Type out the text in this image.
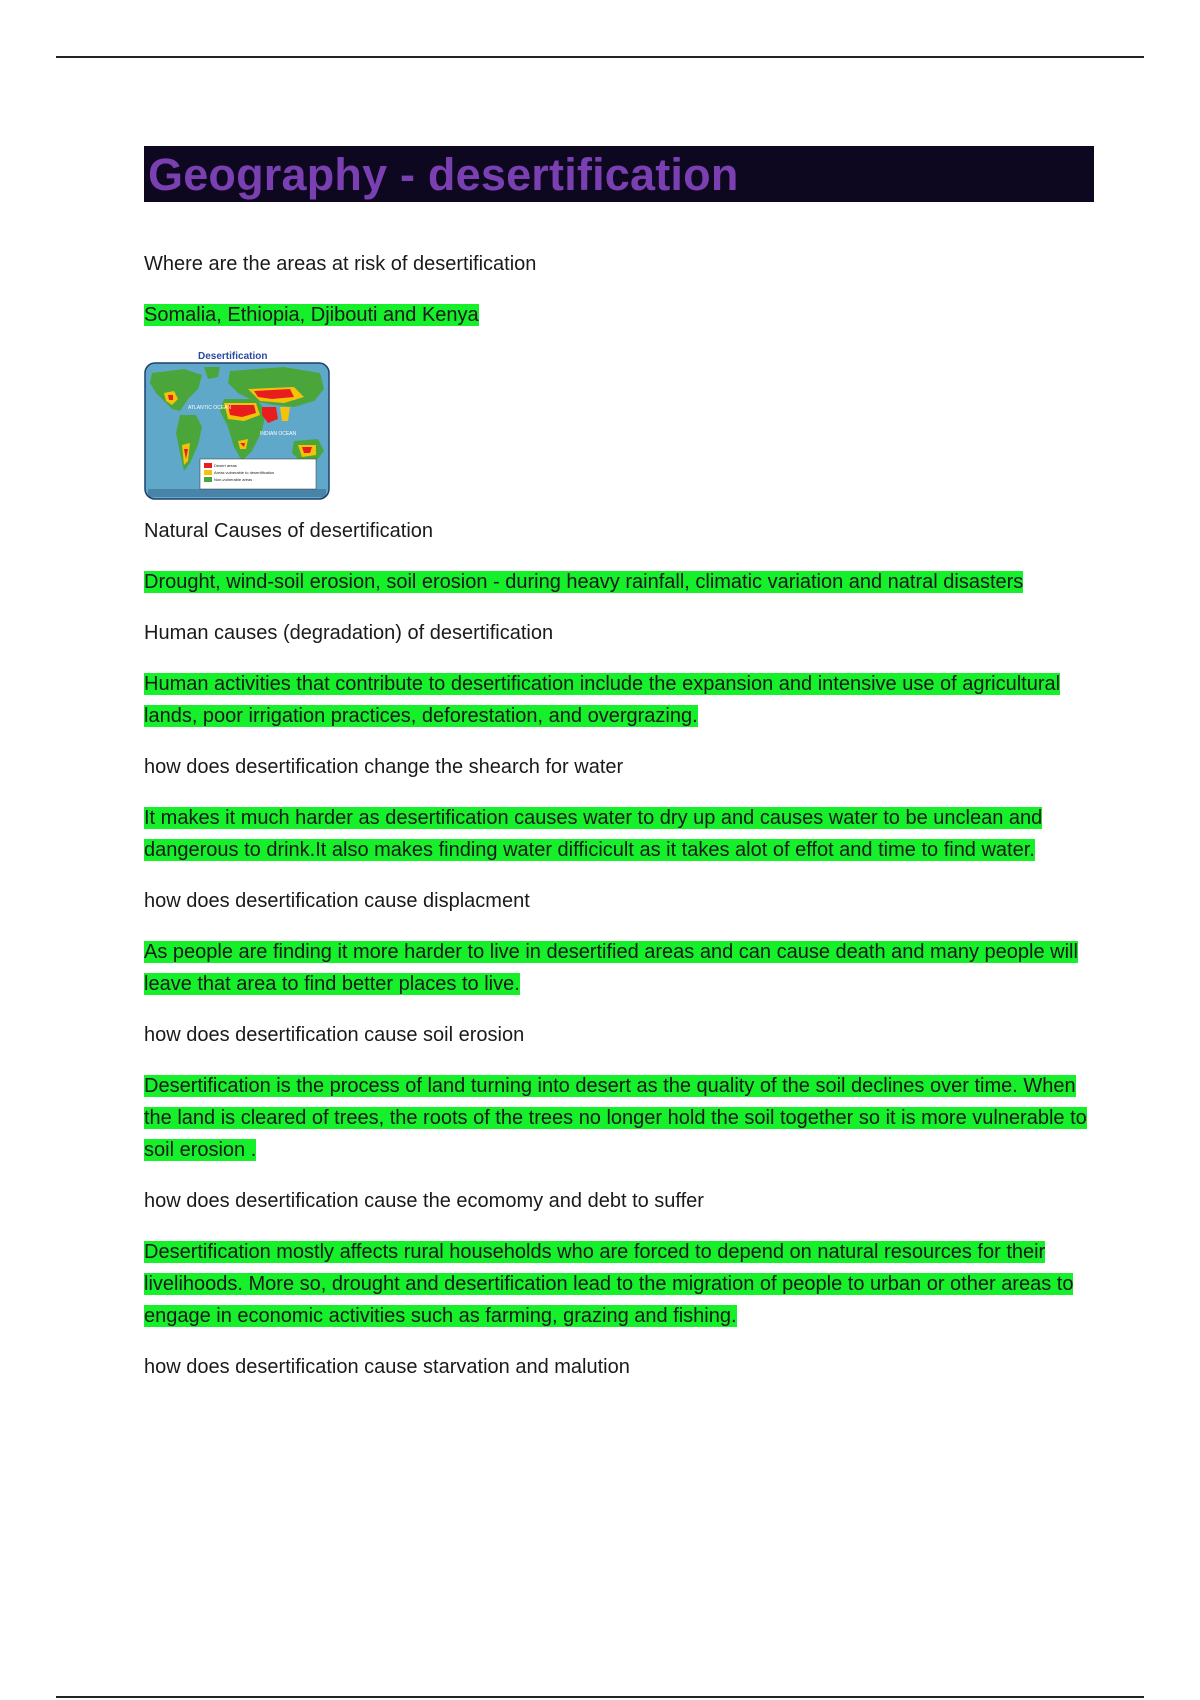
Geography - desertification

Where are the areas at risk of desertification

Somalia, Ethiopia, Djibouti and Kenya

Desertification
ATLANTIC OCEAN
INDIAN OCEAN
Desert areas
Areas vulnerable to desertification
Non-vulnerable areas

Natural Causes of desertification

Drought, wind-soil erosion, soil erosion - during heavy rainfall, climatic variation and natral disasters

Human causes (degradation) of desertification

Human activities that contribute to desertification include the expansion and intensive use of agricultural lands, poor irrigation practices, deforestation, and overgrazing.

how does desertification change the shearch for water

It makes it much harder as desertification causes water to dry up and causes water to be unclean and dangerous to drink.It also makes finding water difficicult as it takes alot of effot and time to find water.

how does desertification cause displacment

As people are finding it more harder to live in desertified areas and can cause death and many people will leave that area to find better places to live.

how does desertification cause soil erosion

Desertification is the process of land turning into desert as the quality of the soil declines over time. When the land is cleared of trees, the roots of the trees no longer hold the soil together so it is more vulnerable to soil erosion .

how does desertification cause the ecomomy and debt to suffer

Desertification mostly affects rural households who are forced to depend on natural resources for their livelihoods. More so, drought and desertification lead to the migration of people to urban or other areas to engage in economic activities such as farming, grazing and fishing.

how does desertification cause starvation and malution
